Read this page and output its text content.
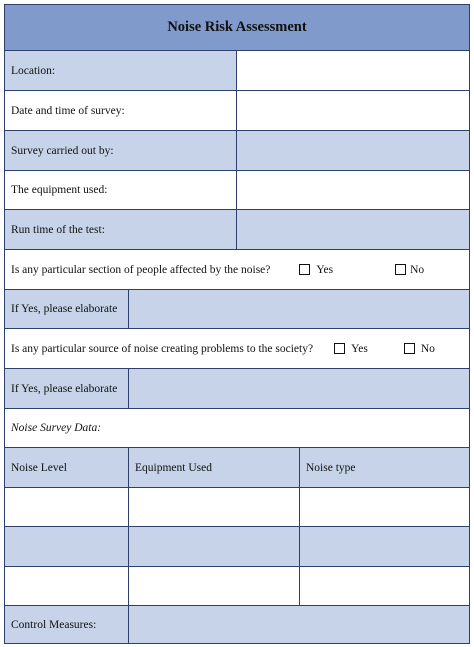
Noise Risk Assessment
Location:
Date and time of survey:
Survey carried out by:
The equipment used:
Run time of the test:
Is any particular section of people affected by the noise?	Yes	No
If Yes, please elaborate
Is any particular source of noise creating problems to the society?	Yes	No
If Yes, please elaborate
Noise Survey Data:
Noise Level	Equipment Used	Noise type
Control Measures:
